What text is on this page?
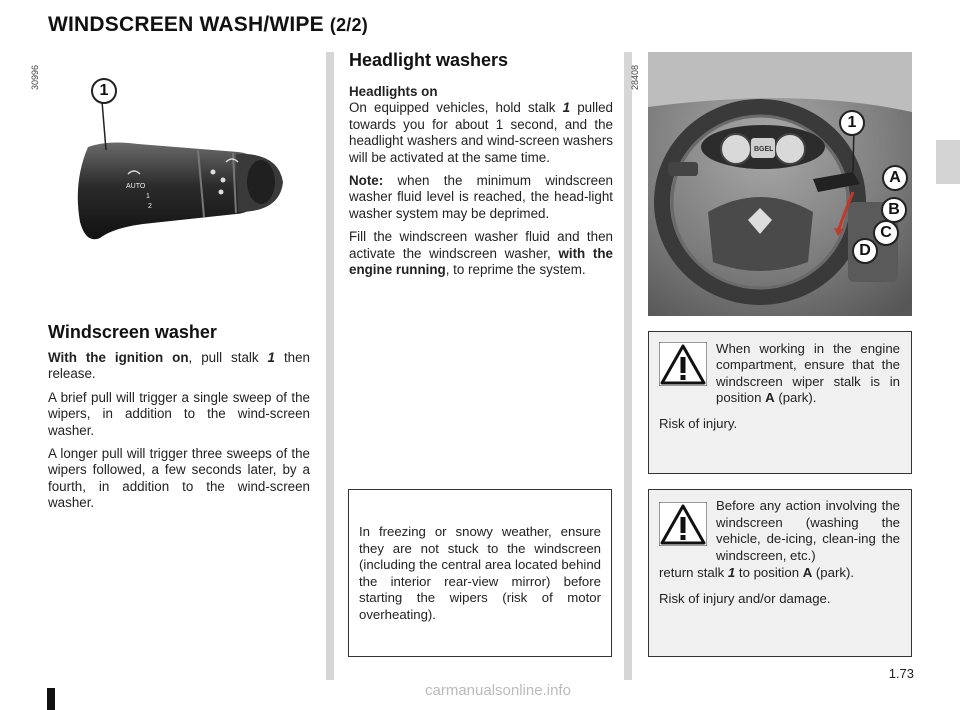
WINDSCREEN WASH/WIPE (2/2)
AUTO
1
2
1
30996
Windscreen washer

With the ignition on, pull stalk 1 then release.

A brief pull will trigger a single sweep of the wipers, in addition to the wind-screen washer.

A longer pull will trigger three sweeps of the wipers followed, a few seconds later, by a fourth, in addition to the wind-screen washer.

Headlight washers
Headlights on

On equipped vehicles, hold stalk 1 pulled towards you for about 1 second, and the headlight washers and wind-screen washers will be activated at the same time.

Note: when the minimum windscreen washer fluid level is reached, the head-light washer system may be deprimed.

Fill the windscreen washer fluid and then activate the windscreen washer, with the engine running, to reprime the system.

In freezing or snowy weather, ensure they are not stuck to the windscreen (including the central area located behind the interior rear-view mirror) before starting the wipers (risk of motor overheating).
BGEL
1
A
B
C
D
28408
When working in the engine compartment, ensure that the windscreen wiper stalk is in position A (park).
Risk of injury.
Before any action involving the windscreen (washing the vehicle, de-icing, clean-ing the windscreen, etc.)
return stalk 1 to position A (park).
Risk of injury and/or damage.
1.73
carmanualsonline.info
